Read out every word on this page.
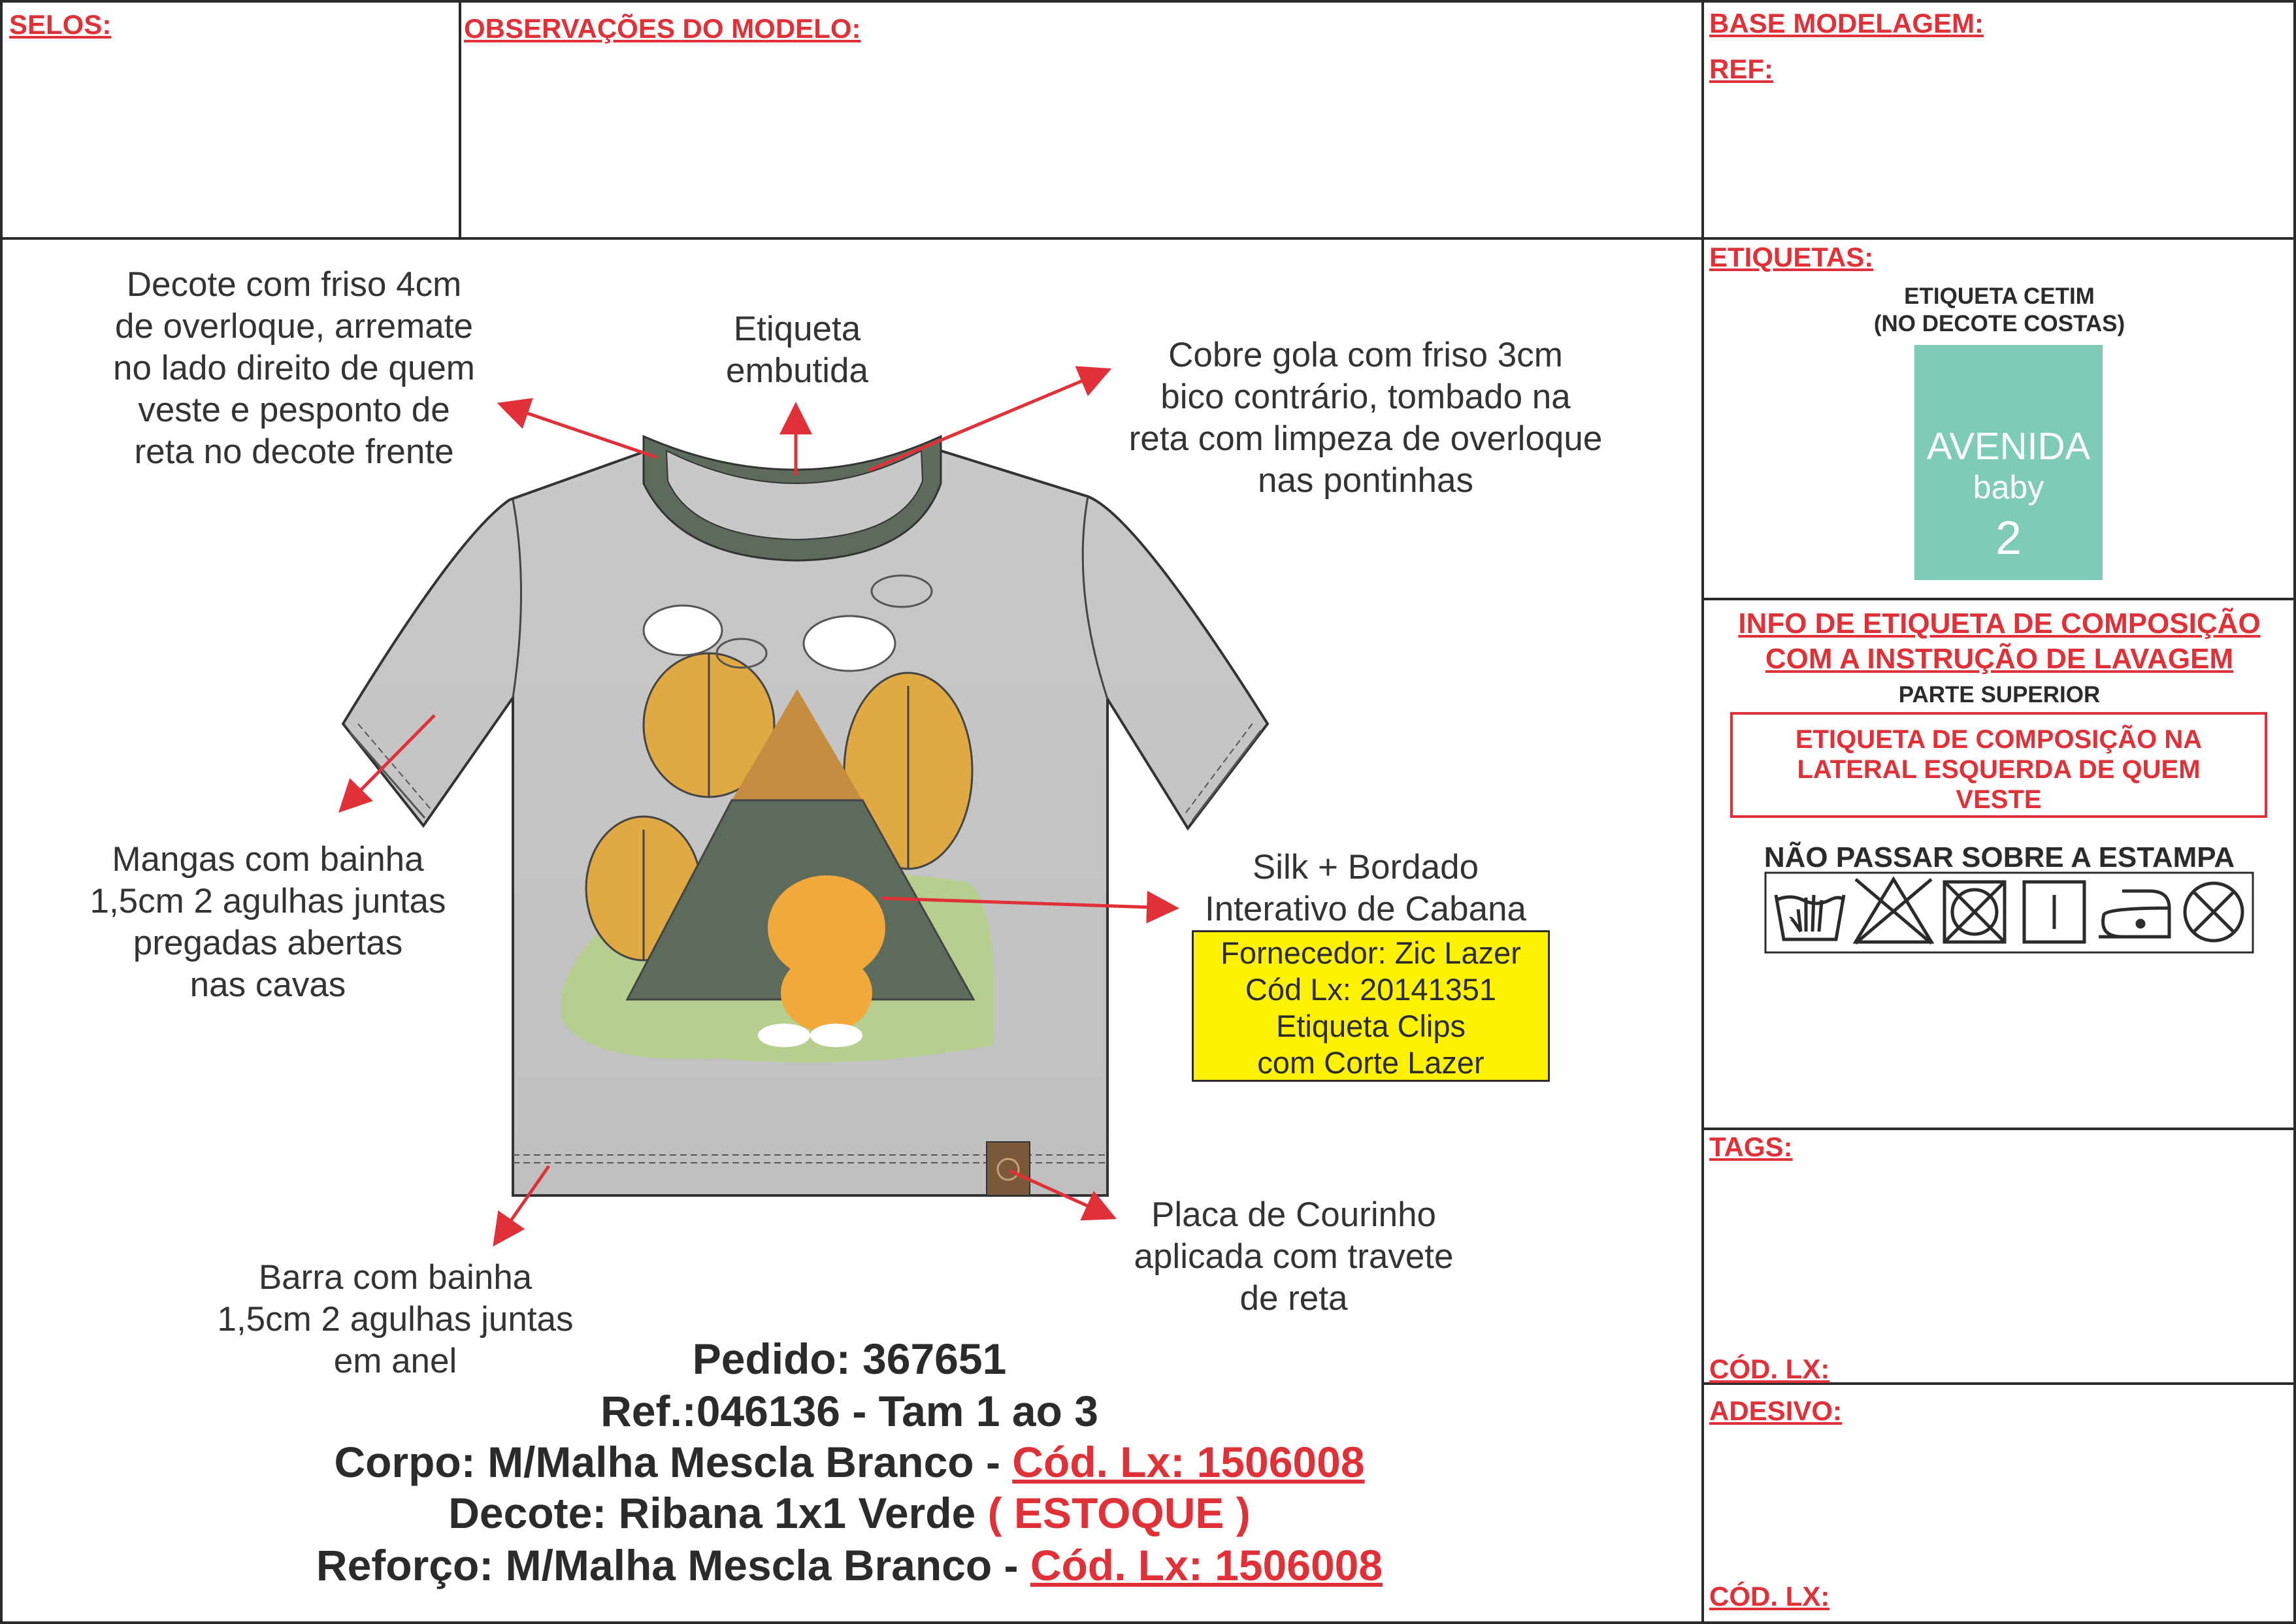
SELOS:	OBSERVAÇÕES DO MODELO:	BASE MODELAGEM:
REF:
ETIQUETAS:
ETIQUETA CETIM
(NO DECOTE COSTAS)
AVENIDA
baby
2
INFO DE ETIQUETA DE COMPOSIÇÃO
COM A INSTRUÇÃO DE LAVAGEM
PARTE SUPERIOR
ETIQUETA DE COMPOSIÇÃO NA
LATERAL ESQUERDA DE QUEM
VESTE
NÃO PASSAR SOBRE A ESTAMPA
TAGS:
CÓD. LX:
ADESIVO:
CÓD. LX:
Decote com friso 4cm
de overloque, arremate
no lado direito de quem
veste e pesponto de
reta no decote frente
Etiqueta
embutida	Cobre gola com friso 3cm
bico contrário, tombado na
reta com limpeza de overloque
nas pontinhas
Mangas com bainha
1,5cm 2 agulhas juntas
pregadas abertas
nas cavas
Silk + Bordado
Interativo de Cabana
Fornecedor: Zic Lazer
Cód Lx: 20141351
Etiqueta Clips
com Corte Lazer
Placa de Courinho
aplicada com travete
de reta
Barra com bainha
1,5cm 2 agulhas juntas
em anel	Pedido: 367651
Ref.:046136 - Tam 1 ao 3
Corpo: M/Malha Mescla Branco - Cód. Lx: 1506008
Decote: Ribana 1x1 Verde ( ESTOQUE )
Reforço: M/Malha Mescla Branco - Cód. Lx: 1506008
